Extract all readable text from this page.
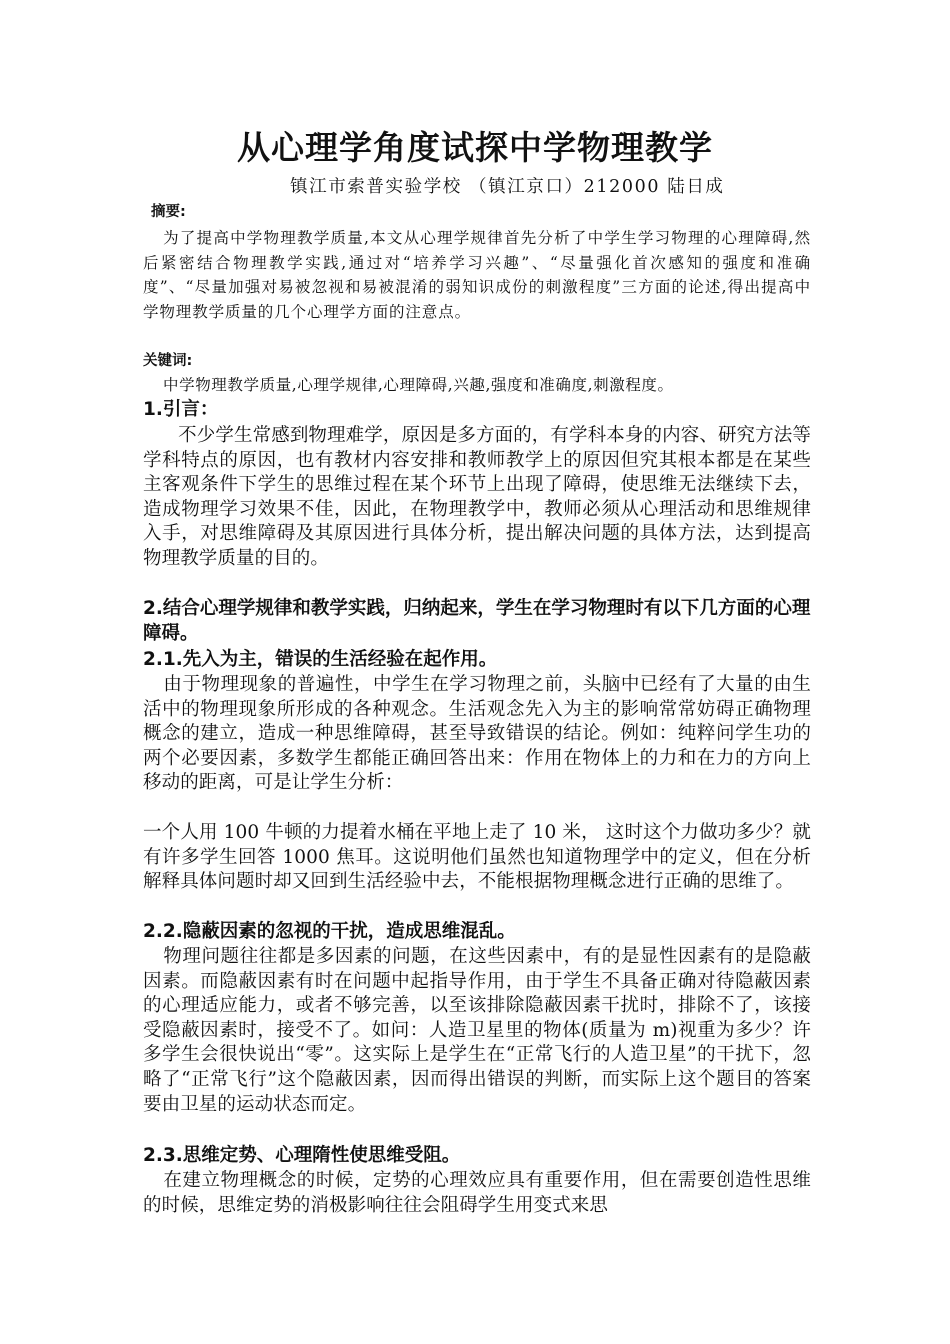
从心理学角度试探中学物理教学
镇江市索普实验学校 （镇江京口）212000 陆日成
摘要:
为了提高中学物理教学质量,本文从心理学规律首先分析了中学生学习物理的心理障碍,然后紧密结合物理教学实践,通过对“培养学习兴趣”、“尽量强化首次感知的强度和准确度”、“尽量加强对易被忽视和易被混淆的弱知识成份的刺激程度”三方面的论述,得出提高中学物理教学质量的几个心理学方面的注意点。
关键词:
中学物理教学质量,心理学规律,心理障碍,兴趣,强度和准确度,刺激程度。
1.引言：
不少学生常感到物理难学，原因是多方面的，有学科本身的内容、研究方法等学科特点的原因，也有教材内容安排和教师教学上的原因但究其根本都是在某些主客观条件下学生的思维过程在某个环节上出现了障碍，使思维无法继续下去，造成物理学习效果不佳，因此，在物理教学中，教师必须从心理活动和思维规律入手，对思维障碍及其原因进行具体分析，提出解决问题的具体方法，达到提高物理教学质量的目的。
2.结合心理学规律和教学实践，归纳起来，学生在学习物理时有以下几方面的心理障碍。
2.1.先入为主，错误的生活经验在起作用。
由于物理现象的普遍性，中学生在学习物理之前，头脑中已经有了大量的由生活中的物理现象所形成的各种观念。生活观念先入为主的影响常常妨碍正确物理概念的建立，造成一种思维障碍，甚至导致错误的结论。例如：纯粹问学生功的两个必要因素，多数学生都能正确回答出来：作用在物体上的力和在力的方向上移动的距离，可是让学生分析：
一个人用 100 牛顿的力提着水桶在平地上走了 10 米， 这时这个力做功多少？就有许多学生回答 1000 焦耳。这说明他们虽然也知道物理学中的定义，但在分析解释具体问题时却又回到生活经验中去，不能根据物理概念进行正确的思维了。
2.2.隐蔽因素的忽视的干扰，造成思维混乱。
物理问题往往都是多因素的问题，在这些因素中，有的是显性因素有的是隐蔽因素。而隐蔽因素有时在问题中起指导作用，由于学生不具备正确对待隐蔽因素的心理适应能力，或者不够完善，以至该排除隐蔽因素干扰时，排除不了，该接受隐蔽因素时，接受不了。如问：人造卫星里的物体(质量为 m)视重为多少？许多学生会很快说出“零”。这实际上是学生在“正常飞行的人造卫星”的干扰下，忽略了“正常飞行”这个隐蔽因素，因而得出错误的判断，而实际上这个题目的答案要由卫星的运动状态而定。
2.3.思维定势、心理隋性使思维受阻。
在建立物理概念的时候，定势的心理效应具有重要作用，但在需要创造性思维的时候，思维定势的消极影响往往会阻碍学生用变式来思
